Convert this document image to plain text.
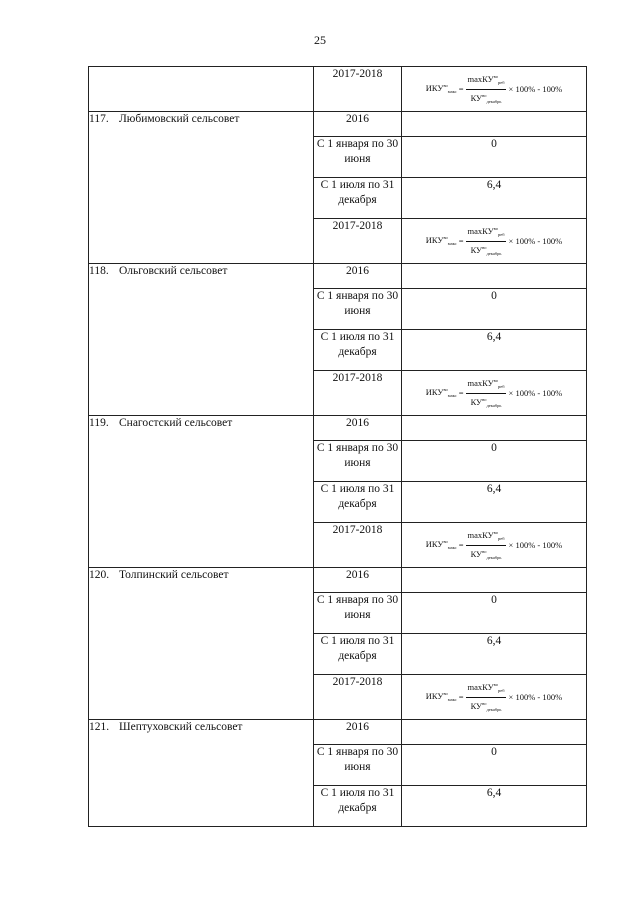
25
	2017-2018	$ИКУ^{во}_{макс} = \frac{\max КУ^{во}_{реб}}{КУ^{во}_{декабрь}} \times 100\% - 100\%$

117. Любимовский сельсовет	2016	
	С 1 января по 30 июня	0
	С 1 июля по 31 декабря	6,4
	2017-2018	$ИКУ^{во}_{макс} = \frac{\max КУ^{во}_{реб}}{КУ^{во}_{декабрь}} \times 100\% - 100\%$

118. Ольговский сельсовет	2016	
	С 1 января по 30 июня	0
	С 1 июля по 31 декабря	6,4
	2017-2018	$ИКУ^{во}_{макс} = \frac{\max КУ^{во}_{реб}}{КУ^{во}_{декабрь}} \times 100\% - 100\%$

119. Снагостский сельсовет	2016	
	С 1 января по 30 июня	0
	С 1 июля по 31 декабря	6,4
	2017-2018	$ИКУ^{во}_{макс} = \frac{\max КУ^{во}_{реб}}{КУ^{во}_{декабрь}} \times 100\% - 100\%$

120. Толпинский сельсовет	2016	
	С 1 января по 30 июня	0
	С 1 июля по 31 декабря	6,4
	2017-2018	$ИКУ^{во}_{макс} = \frac{\max КУ^{во}_{реб}}{КУ^{во}_{декабрь}} \times 100\% - 100\%$

121. Шептуховский сельсовет	2016	
	С 1 января по 30 июня	0
	С 1 июля по 31 декабря	6,4
